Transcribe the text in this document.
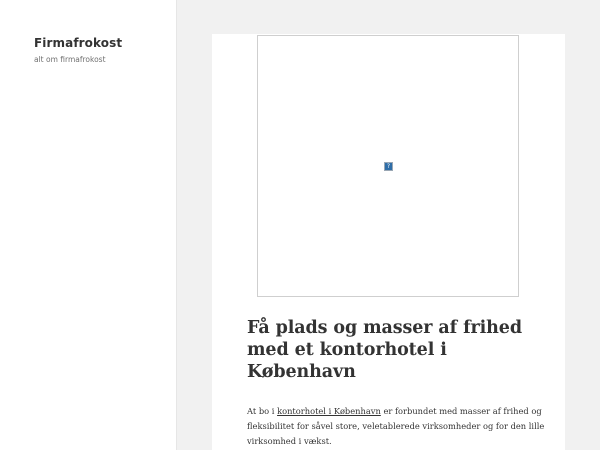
Firmafrokost

alt om firmafrokost

?
Få plads og masser af frihed med et kontorhotel i København

At bo i kontorhotel i København er forbundet med masser af frihed og fleksibilitet for såvel store, veletablerede virksomheder og for den lille virksomhed i vækst.
